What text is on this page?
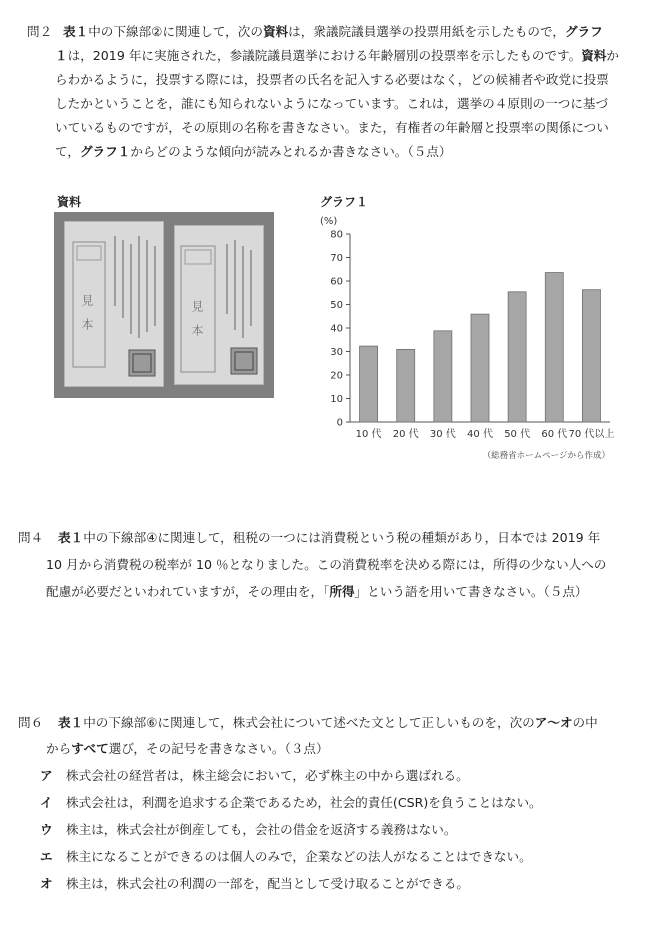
問２ 表１中の下線部②に関連して，次の資料は，衆議院議員選挙の投票用紙を示したもので，グラフ
１は，2019 年に実施された，参議院議員選挙における年齢層別の投票率を示したものです。資料か
らわかるように，投票する際には，投票者の氏名を記入する必要はなく，どの候補者や政党に投票
したかということを，誰にも知られないようになっています。これは，選挙の４原則の一つに基づ
いているものですが，その原則の名称を書きなさい。また，有権者の年齢層と投票率の関係につい
て，グラフ１からどのような傾向が読みとれるか書きなさい。（５点）
資料
見　本	見　本
グラフ１
(%)
0
10
20
30
40
50
60
70
80
10 代 20 代 30 代 40 代 50 代 60 代 70 代以上
（総務省ホームページから作成）
問４ 表１中の下線部④に関連して，租税の一つには消費税という税の種類があり，日本では 2019 年
10 月から消費税の税率が 10 ％となりました。この消費税率を決める際には，所得の少ない人への
配慮が必要だといわれていますが，その理由を，「所得」という語を用いて書きなさい。（５点）
問６ 表１中の下線部⑥に関連して，株式会社について述べた文として正しいものを，次のア～オの中
からすべて選び，その記号を書きなさい。（３点）
ア 株式会社の経営者は，株主総会において，必ず株主の中から選ばれる。
イ 株式会社は，利潤を追求する企業であるため，社会的責任(CSR)を負うことはない。
ウ 株主は，株式会社が倒産しても，会社の借金を返済する義務はない。
エ 株主になることができるのは個人のみで，企業などの法人がなることはできない。
オ 株主は，株式会社の利潤の一部を，配当として受け取ることができる。
